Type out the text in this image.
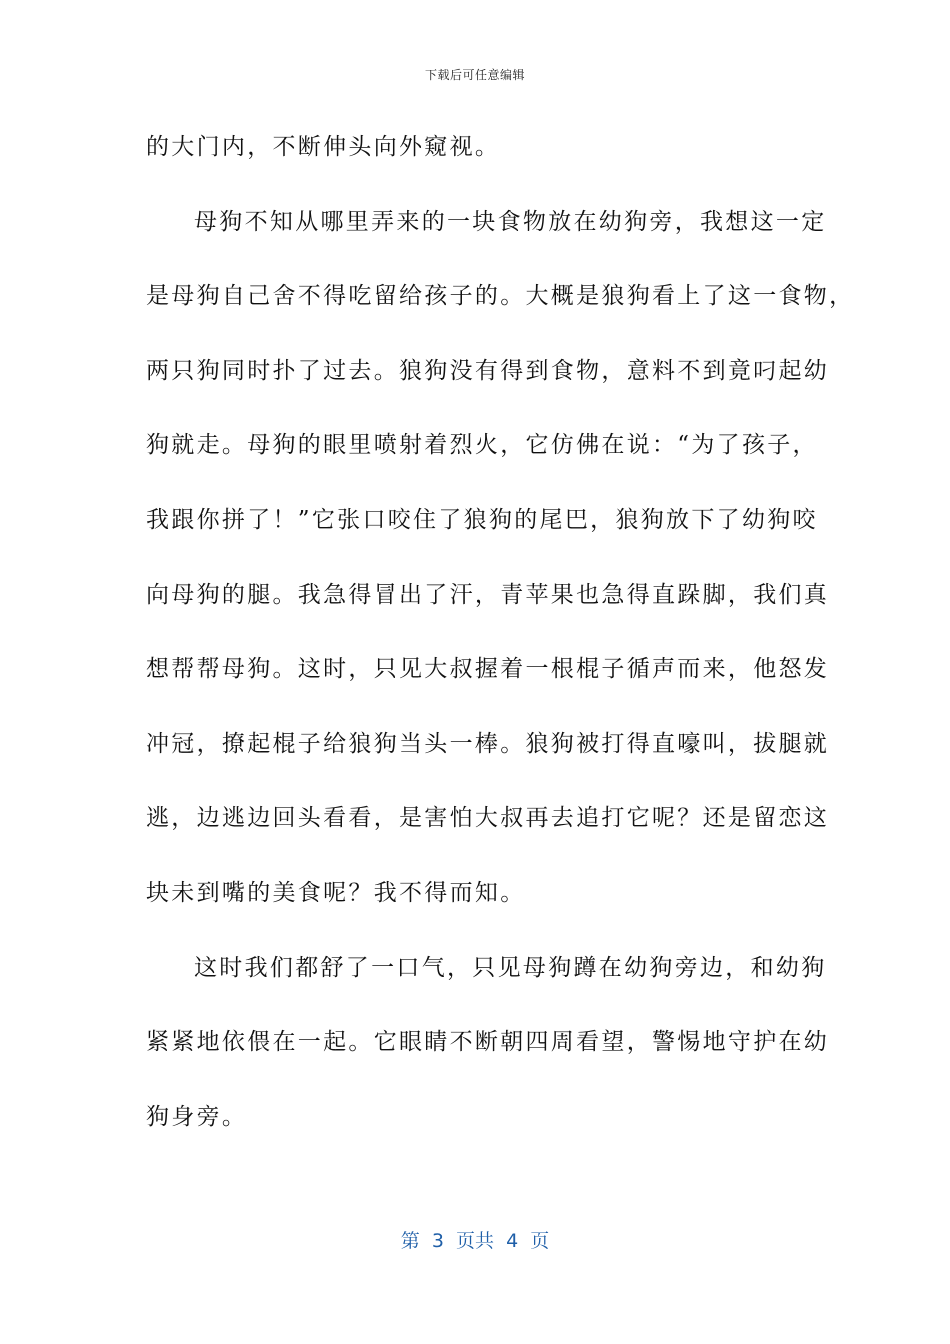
下载后可任意编辑
的大门内，不断伸头向外窥视。
母狗不知从哪里弄来的一块食物放在幼狗旁，我想这一定
是母狗自己舍不得吃留给孩子的。大概是狼狗看上了这一食物，
两只狗同时扑了过去。狼狗没有得到食物，意料不到竟叼起幼
狗就走。母狗的眼里喷射着烈火，它仿佛在说：“为了孩子，
我跟你拼了！”它张口咬住了狼狗的尾巴，狼狗放下了幼狗咬
向母狗的腿。我急得冒出了汗，青苹果也急得直跺脚，我们真
想帮帮母狗。这时，只见大叔握着一根棍子循声而来，他怒发
冲冠，撩起棍子给狼狗当头一棒。狼狗被打得直嚎叫，拔腿就
逃，边逃边回头看看，是害怕大叔再去追打它呢？还是留恋这
块未到嘴的美食呢？我不得而知。
这时我们都舒了一口气，只见母狗蹲在幼狗旁边，和幼狗
紧紧地依偎在一起。它眼睛不断朝四周看望，警惕地守护在幼
狗身旁。
第  3  页共  4  页
